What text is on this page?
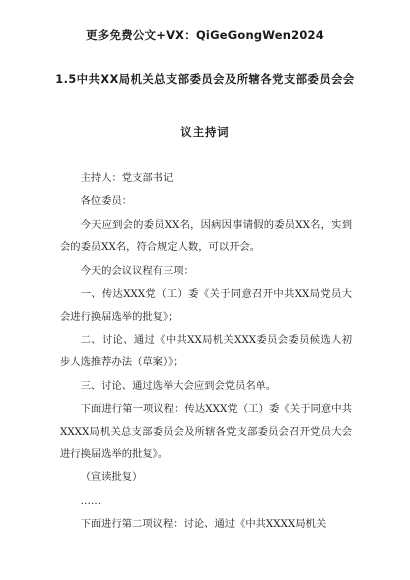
更多免费公文+VX：QiGeGongWen2024
1.5中共XX局机关总支部委员会及所辖各党支部委员会会
议主持词

主持人：党支部书记

各位委员：

今天应到会的委员XX名，因病因事请假的委员XX名，实到会的委员XX名，符合规定人数，可以开会。

今天的会议议程有三项：

一、传达XXX党（工）委《关于同意召开中共XX局党员大会进行换届选举的批复》；

二、讨论、通过《中共XX局机关XXX委员会委员候选人初步人选推荐办法（草案）》；

三、讨论、通过选举大会应到会党员名单。

下面进行第一项议程：传达XXX党（工）委《关于同意中共XXXX局机关总支部委员会及所辖各党支部委员会召开党员大会进行换届选举的批复》。

（宣读批复）

……

下面进行第二项议程：讨论、通过《中共XXXX局机关
